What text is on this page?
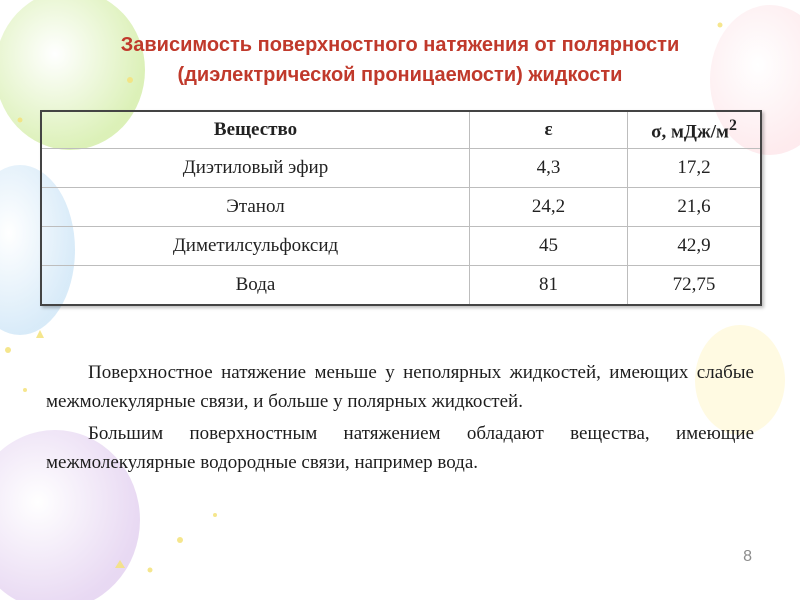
Зависимость поверхностного натяжения от полярности
(диэлектрической проницаемости) жидкости
Вещество	ε	σ, мДж/$м^2$
Диэтиловый эфир	4,3	17,2
Этанол	24,2	21,6
Диметилсульфоксид	45	42,9
Вода	81	72,75

Поверхностное натяжение меньше у неполярных жидкостей, имеющих слабые межмолекулярные связи, и больше у полярных жидкостей.

Большим поверхностным натяжением обладают вещества, имеющие межмолекулярные водородные связи, например вода.

8
